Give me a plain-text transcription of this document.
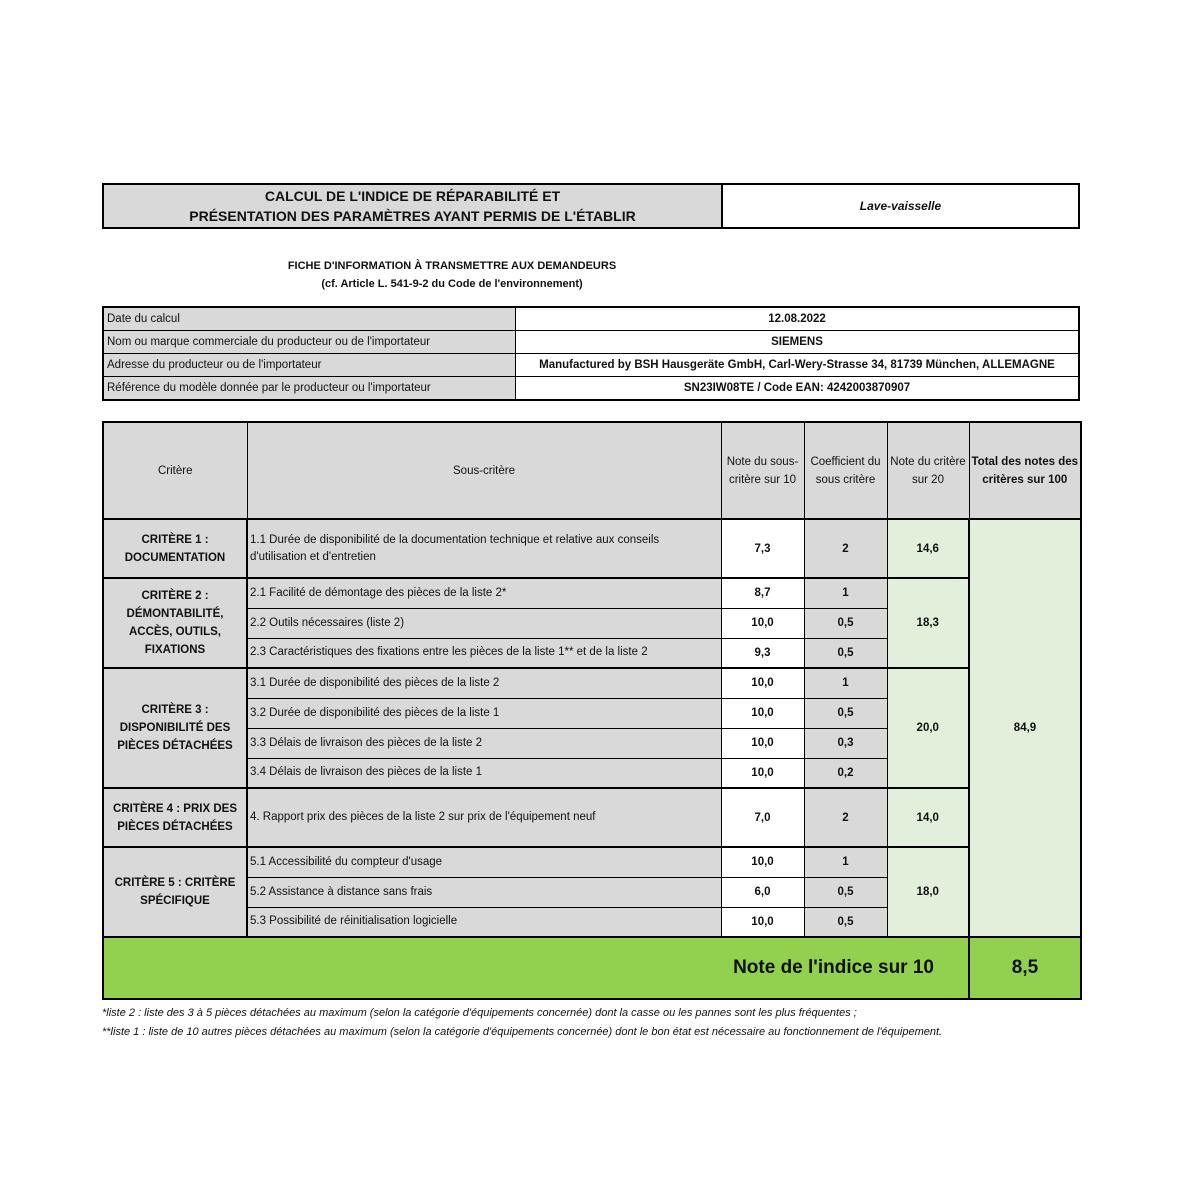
CALCUL DE L'INDICE DE RÉPARABILITÉ ET
PRÉSENTATION DES PARAMÈTRES AYANT PERMIS DE L'ÉTABLIR
Lave-vaisselle
FICHE D'INFORMATION À TRANSMETTRE AUX DEMANDEURS
(cf. Article L. 541-9-2 du Code de l'environnement)
Date du calcul	12.08.2022
Nom ou marque commerciale du producteur ou de l'importateur	SIEMENS
Adresse du producteur ou de l'importateur	Manufactured by BSH Hausgeräte GmbH, Carl-Wery-Strasse 34, 81739 München, ALLEMAGNE
Référence du modèle donnée par le producteur ou l'importateur	SN23IW08TE / Code EAN: 4242003870907
Critère	Sous-critère	Note du sous-critère sur 10	Coefficient du sous critère	Note du critère sur 20	Total des notes des critères sur 100
CRITÈRE 1 : DOCUMENTATION	1.1 Durée de disponibilité de la documentation technique et relative aux conseils d'utilisation et d'entretien	7,3	2	14,6	84,9
CRITÈRE 2 : DÉMONTABILITÉ, ACCÈS, OUTILS, FIXATIONS	2.1 Facilité de démontage des pièces de la liste 2*	8,7	1	18,3	
	2.2 Outils nécessaires (liste 2)	10,0	0,5		
	2.3 Caractéristiques des fixations entre les pièces de la liste 1** et de la liste 2	9,3	0,5		
CRITÈRE 3 : DISPONIBILITÉ DES PIÈCES DÉTACHÉES	3.1 Durée de disponibilité des pièces de la liste 2	10,0	1	20,0	
	3.2 Durée de disponibilité des pièces de la liste 1	10,0	0,5		
	3.3 Délais de livraison des pièces de la liste 2	10,0	0,3		
	3.4 Délais de livraison des pièces de la liste 1	10,0	0,2		
CRITÈRE 4 : PRIX DES PIÈCES DÉTACHÉES	4. Rapport prix des pièces de la liste 2 sur prix de l'équipement neuf	7,0	2	14,0	
CRITÈRE 5 : CRITÈRE SPÉCIFIQUE	5.1 Accessibilité du compteur d'usage	10,0	1	18,0	
	5.2 Assistance à distance sans frais	6,0	0,5		
	5.3 Possibilité de réinitialisation logicielle	10,0	0,5		
Note de l'indice sur 10					8,5
*liste 2 : liste des 3 à 5 pièces détachées au maximum (selon la catégorie d'équipements concernée) dont la casse ou les pannes sont les plus fréquentes ;
**liste 1 : liste de 10 autres pièces détachées au maximum (selon la catégorie d'équipements concernée) dont le bon état est nécessaire au fonctionnement de l'équipement.
